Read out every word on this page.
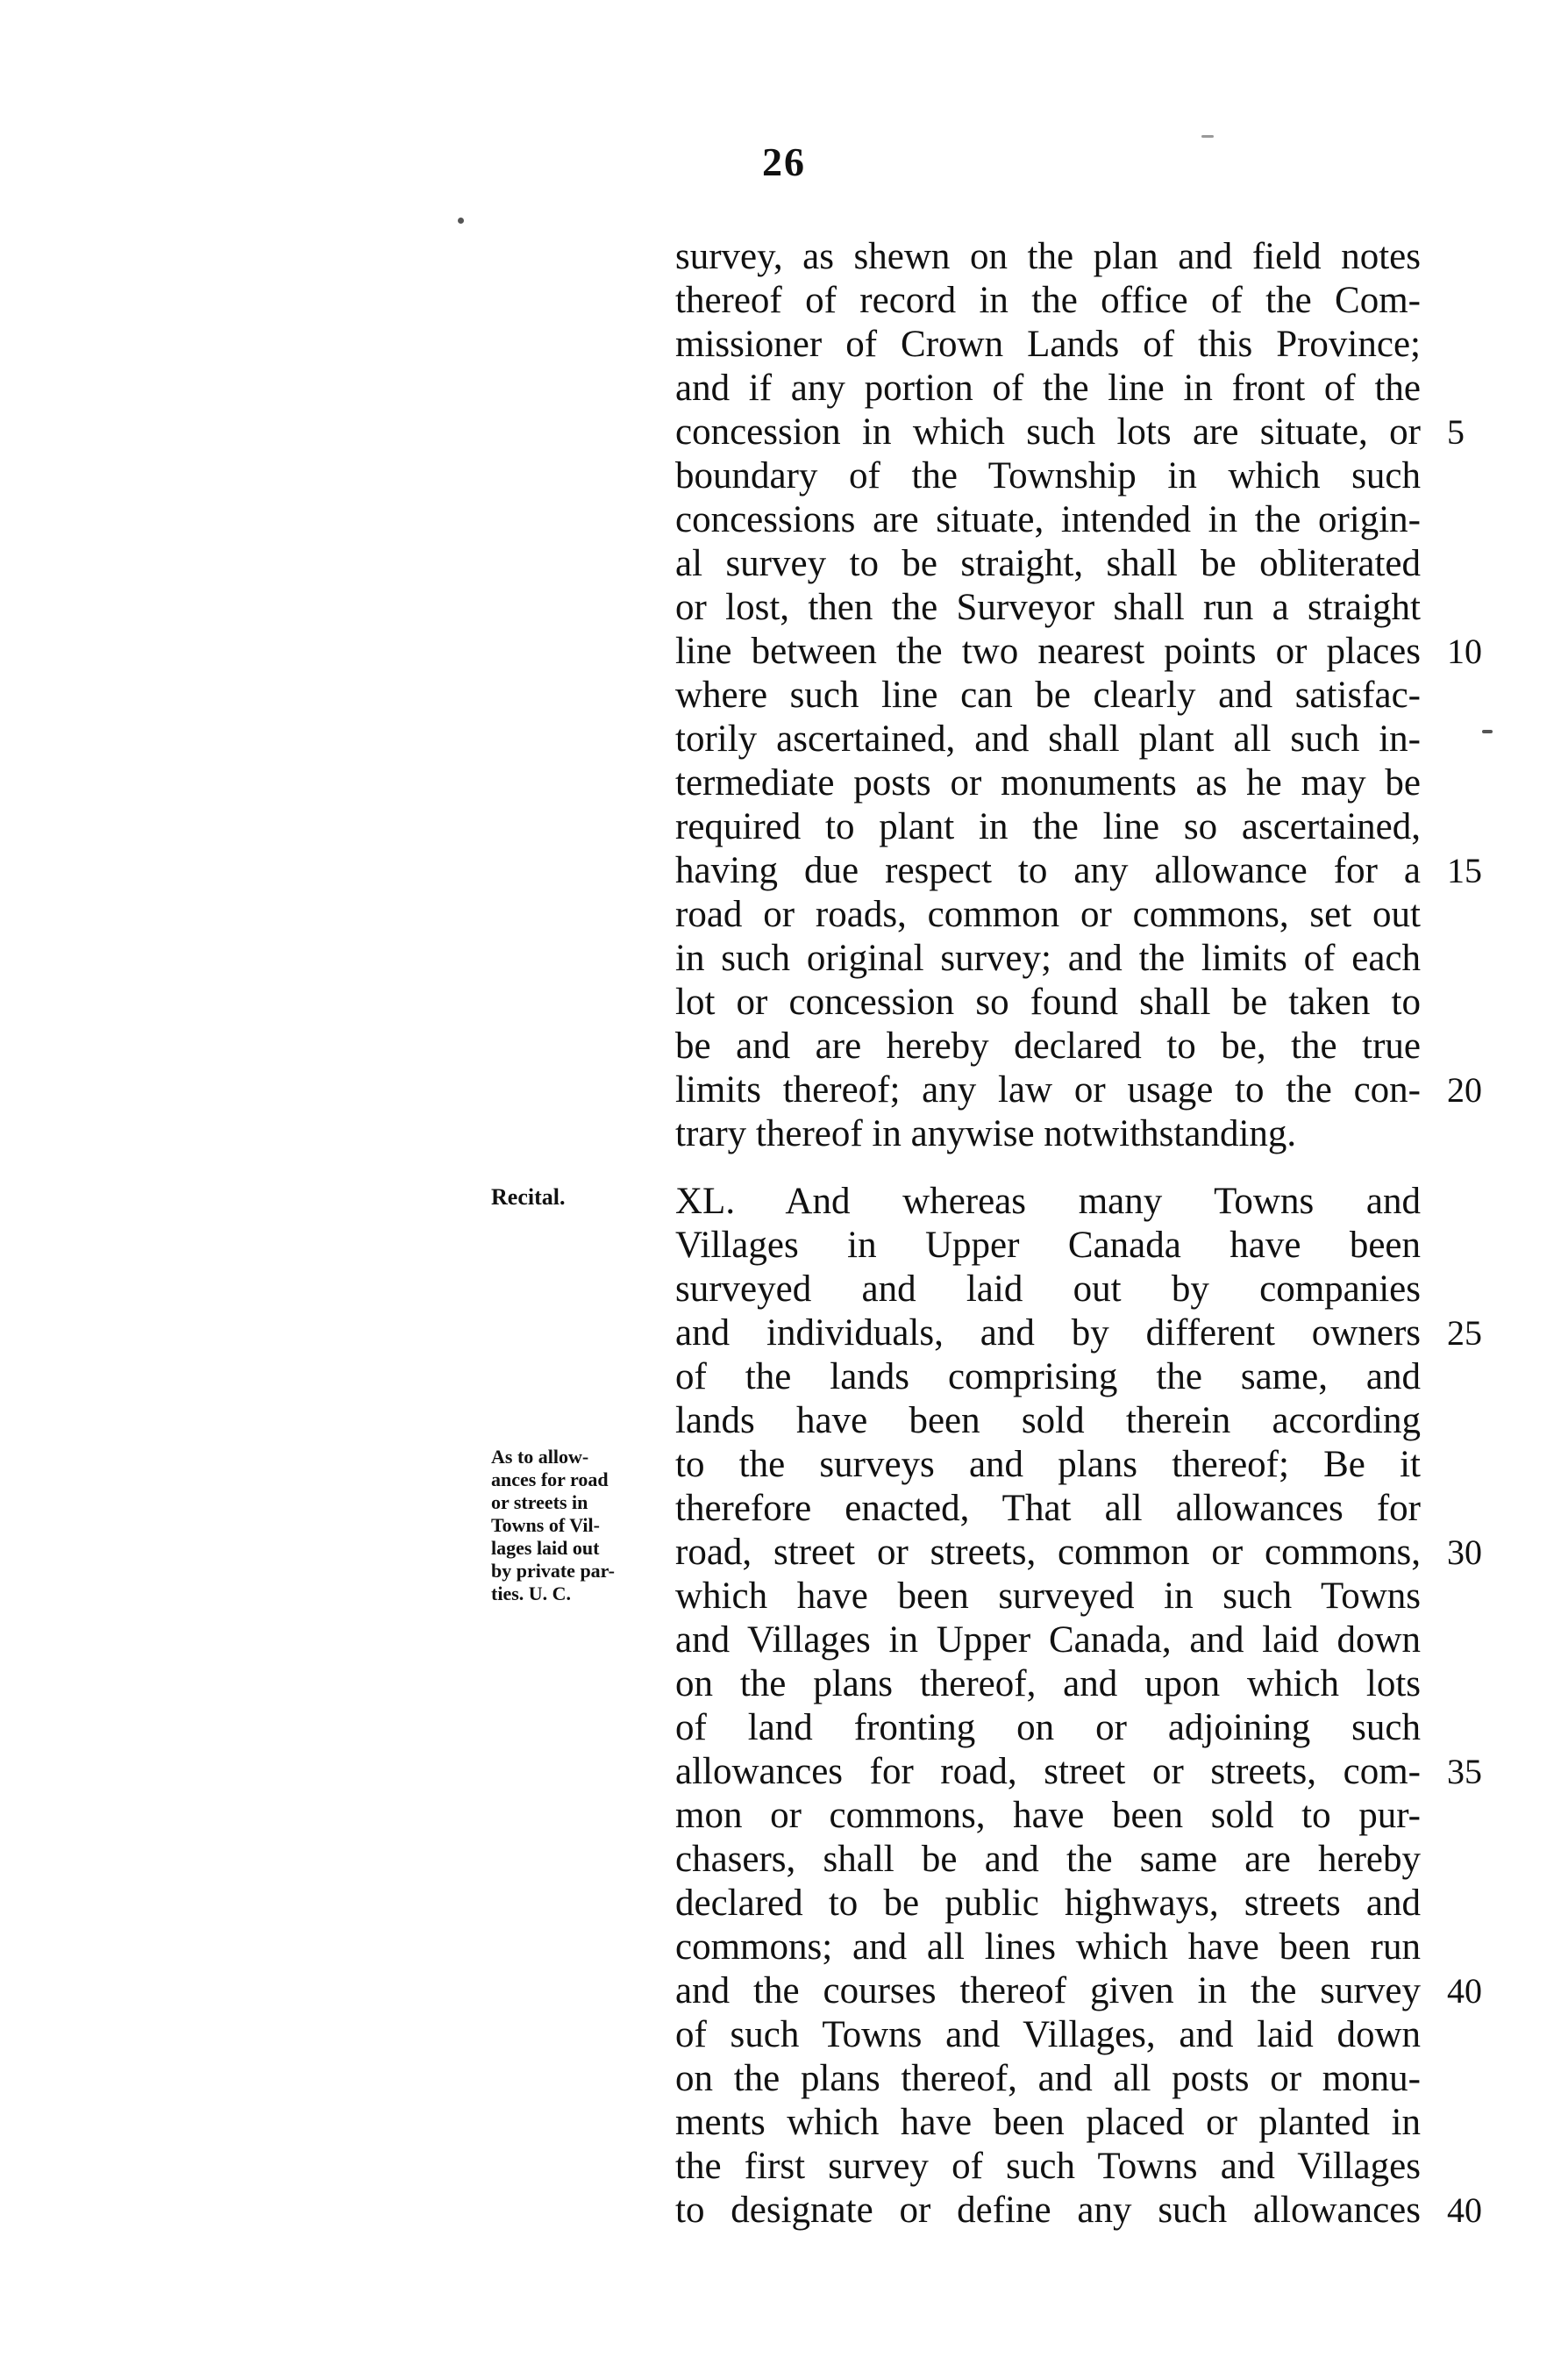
26
Recital.
As to allow-
ances for road
or streets in
Towns of Vil-
lages laid out
by private par-
ties. U. C.
survey, as shewn on the plan and field notes
thereof of record in the office of the Com-
missioner of Crown Lands of this Province;
and if any portion of the line in front of the
concession in which such lots are situate, or
boundary of the Township in which such
concessions are situate, intended in the origin-
al survey to be straight, shall be obliterated
or lost, then the Surveyor shall run a straight
line between the two nearest points or places
where such line can be clearly and satisfac-
torily ascertained, and shall plant all such in-
termediate posts or monuments as he may be
required to plant in the line so ascertained,
having due respect to any allowance for a
road or roads, common or commons, set out
in such original survey; and the limits of each
lot or concession so found shall be taken to
be and are hereby declared to be, the true
limits thereof; any law or usage to the con-
trary thereof in anywise notwithstanding.
XL. And whereas many Towns and
Villages in Upper Canada have been
surveyed and laid out by companies
and individuals, and by different owners
of the lands comprising the same, and
lands have been sold therein according
to the surveys and plans thereof; Be it
therefore enacted, That all allowances for
road, street or streets, common or commons,
which have been surveyed in such Towns
and Villages in Upper Canada, and laid down
on the plans thereof, and upon which lots
of land fronting on or adjoining such
allowances for road, street or streets, com-
mon or commons, have been sold to pur-
chasers, shall be and the same are hereby
declared to be public highways, streets and
commons; and all lines which have been run
and the courses thereof given in the survey
of such Towns and Villages, and laid down
on the plans thereof, and all posts or monu-
ments which have been placed or planted in
the first survey of such Towns and Villages
to designate or define any such allowances
5
10
15
20
25
30
35
40
40
